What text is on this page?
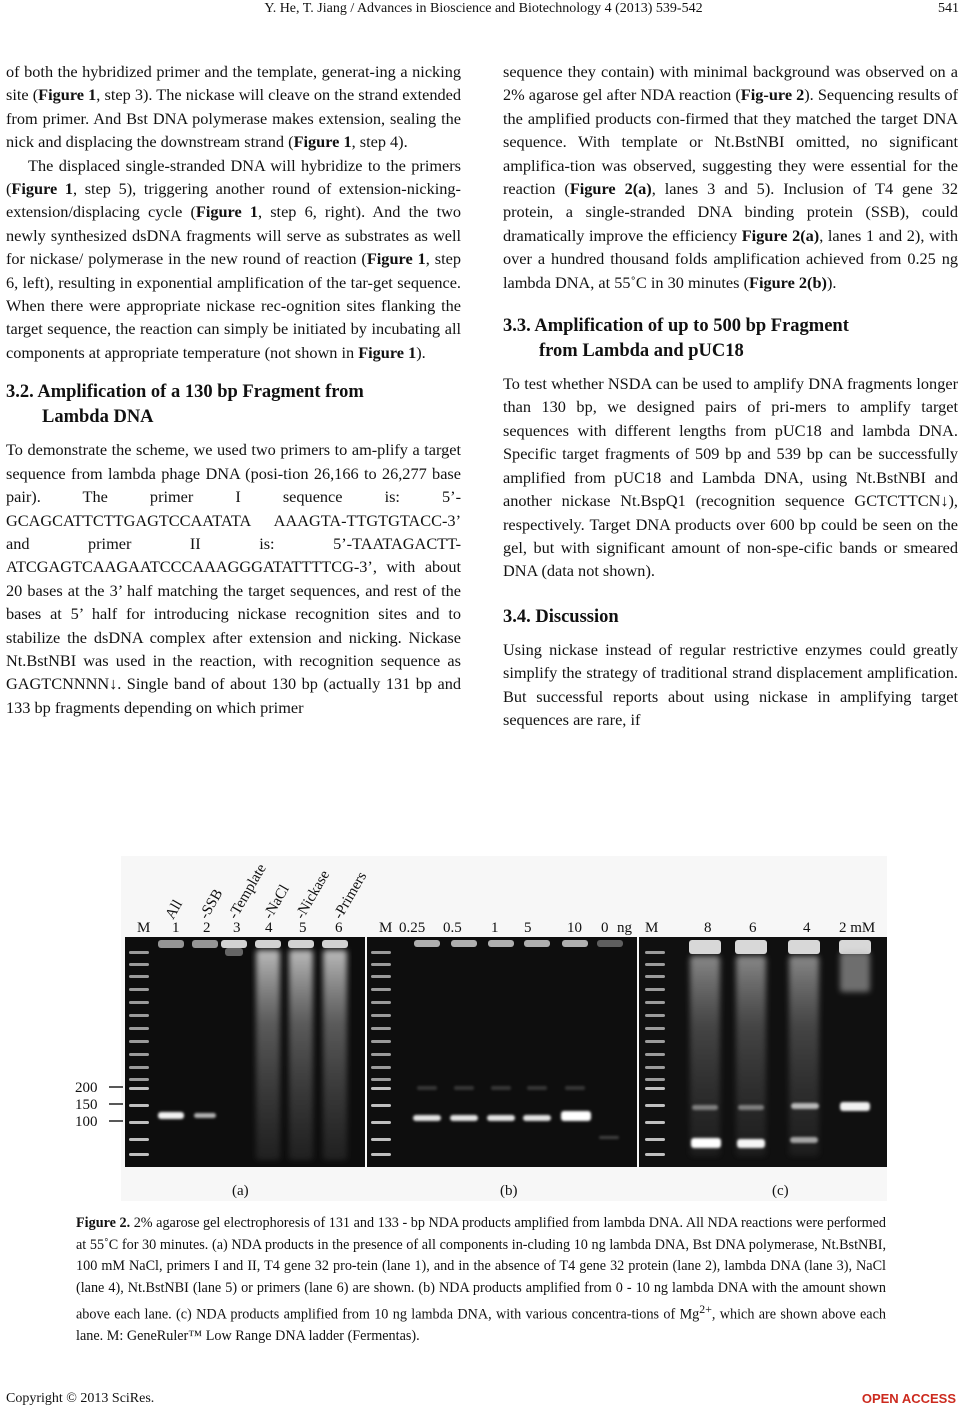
Y. He, T. Jiang / Advances in Bioscience and Biotechnology 4 (2013) 539-542	541

of both the hybridized primer and the template, generat-ing a nicking site (Figure 1, step 3). The nickase will cleave on the strand extended from primer. And Bst DNA polymerase makes extension, sealing the nick and displacing the downstream strand (Figure 1, step 4).

The displaced single-stranded DNA will hybridize to the primers (Figure 1, step 5), triggering another round of extension-nicking-extension/displacing cycle (Figure 1, step 6, right). And the two newly synthesized dsDNA fragments will serve as substrates as well for nickase/ polymerase in the new round of reaction (Figure 1, step 6, left), resulting in exponential amplification of the tar-get sequence. When there were appropriate nickase rec-ognition sites flanking the target sequence, the reaction can simply be initiated by incubating all components at appropriate temperature (not shown in Figure 1).

3.2. Amplification of a 130 bp Fragment from
Lambda DNA

To demonstrate the scheme, we used two primers to am-plify a target sequence from lambda phage DNA (posi-tion 26,166 to 26,277 base pair). The primer I sequence is: 5’-GCAGCATTCTTGAGTCCAATATA AAAGTA-TTGTGTACC-3’ and primer II is: 5’-TAATAGACTT-ATCGAGTCAAGAATCCCAAAGGGATATTTTCG-3’, with about 20 bases at the 3’ half matching the target sequences, and rest of the bases at 5’ half for introducing nickase recognition sites and to stabilize the dsDNA complex after extension and nicking. Nickase Nt.BstNBI was used in the reaction, with recognition sequence as GAGTCNNNN↓. Single band of about 130 bp (actually 131 bp and 133 bp fragments depending on which primer

sequence they contain) with minimal background was observed on a 2% agarose gel after NDA reaction (Fig-ure 2). Sequencing results of the amplified products con-firmed that they matched the target DNA sequence. With template or Nt.BstNBI omitted, no significant amplifica-tion was observed, suggesting they were essential for the reaction (Figure 2(a), lanes 3 and 5). Inclusion of T4 gene 32 protein, a single-stranded DNA binding protein (SSB), could dramatically improve the efficiency Figure 2(a), lanes 1 and 2), with over a hundred thousand folds amplification achieved from 0.25 ng lambda DNA, at 55˚C in 30 minutes (Figure 2(b)).

3.3. Amplification of up to 500 bp Fragment
from Lambda and pUC18

To test whether NSDA can be used to amplify DNA fragments longer than 130 bp, we designed pairs of pri-mers to amplify target sequences with different lengths from pUC18 and lambda DNA. Specific target fragments of 509 bp and 539 bp can be successfully amplified from pUC18 and Lambda DNA, using Nt.BstNBI and another nickase Nt.BspQ1 (recognition sequence GCTCTTCN↓), respectively. Target DNA products over 600 bp could be seen on the gel, but with significant amount of non-spe-cific bands or smeared DNA (data not shown).

3.4. Discussion

Using nickase instead of regular restrictive enzymes could greatly simplify the strategy of traditional strand displacement amplification. But successful reports about using nickase in amplifying target sequences are rare, if

All -SSB -Template
-NaCl -Nickase
-Primers
M 1 2 3 4 5 6 M 0.25 0.5 1 5 10 0 ng M	8	6	4 2 mM
200
150
100
(a)	(b)	(c)
Figure 2. 2% agarose gel electrophoresis of 131 and 133 - bp NDA products amplified from lambda DNA. All NDA reactions were performed at 55˚C for 30 minutes. (a) NDA products in the presence of all components in-cluding 10 ng lambda DNA, Bst DNA polymerase, Nt.BstNBI, 100 mM NaCl, primers I and II, T4 gene 32 pro-tein (lane 1), and in the absence of T4 gene 32 protein (lane 2), lambda DNA (lane 3), NaCl (lane 4), Nt.BstNBI (lane 5) or primers (lane 6) are shown. (b) NDA products amplified from 0 - 10 ng lambda DNA with the amount shown above each lane. (c) NDA products amplified from 10 ng lambda DNA, with various concentra-tions of $Mg^{2+}$, which are shown above each lane. M: GeneRuler™ Low Range DNA ladder (Fermentas).
Copyright © 2013 SciRes.	OPEN ACCESS
